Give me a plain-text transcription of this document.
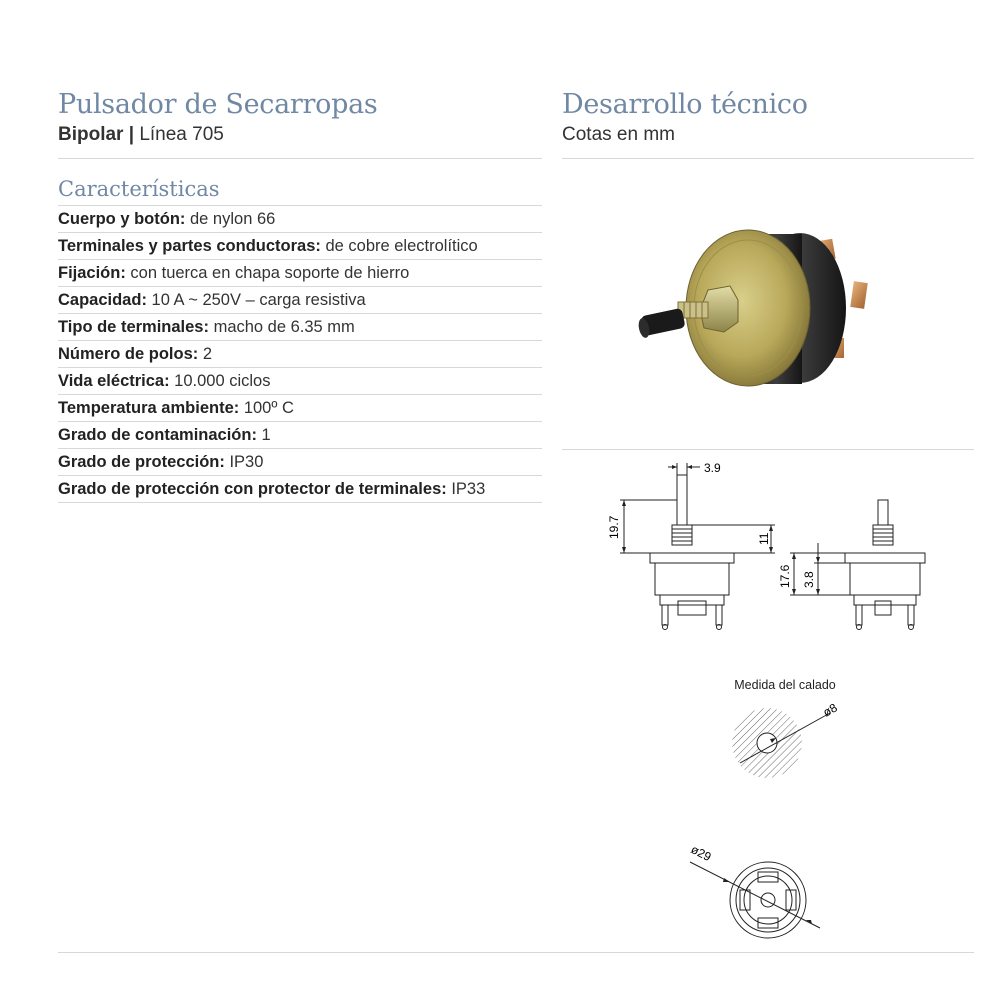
Pulsador de Secarropas

Bipolar | Línea 705

Características
Cuerpo y botón: de nylon 66
Terminales y partes conductoras: de cobre electrolítico
Fijación: con tuerca en chapa soporte de hierro
Capacidad: 10 A ~ 250V – carga resistiva
Tipo de terminales: macho de 6.35 mm
Número de polos: 2
Vida eléctrica: 10.000 ciclos
Temperatura ambiente: 100º C
Grado de contaminación: 1
Grado de protección: IP30
Grado de protección con protector de terminales: IP33
Desarrollo técnico

Cotas en mm

3.9
19.7	11
17.6 3.8
Medida del calado
ø8
ø29
